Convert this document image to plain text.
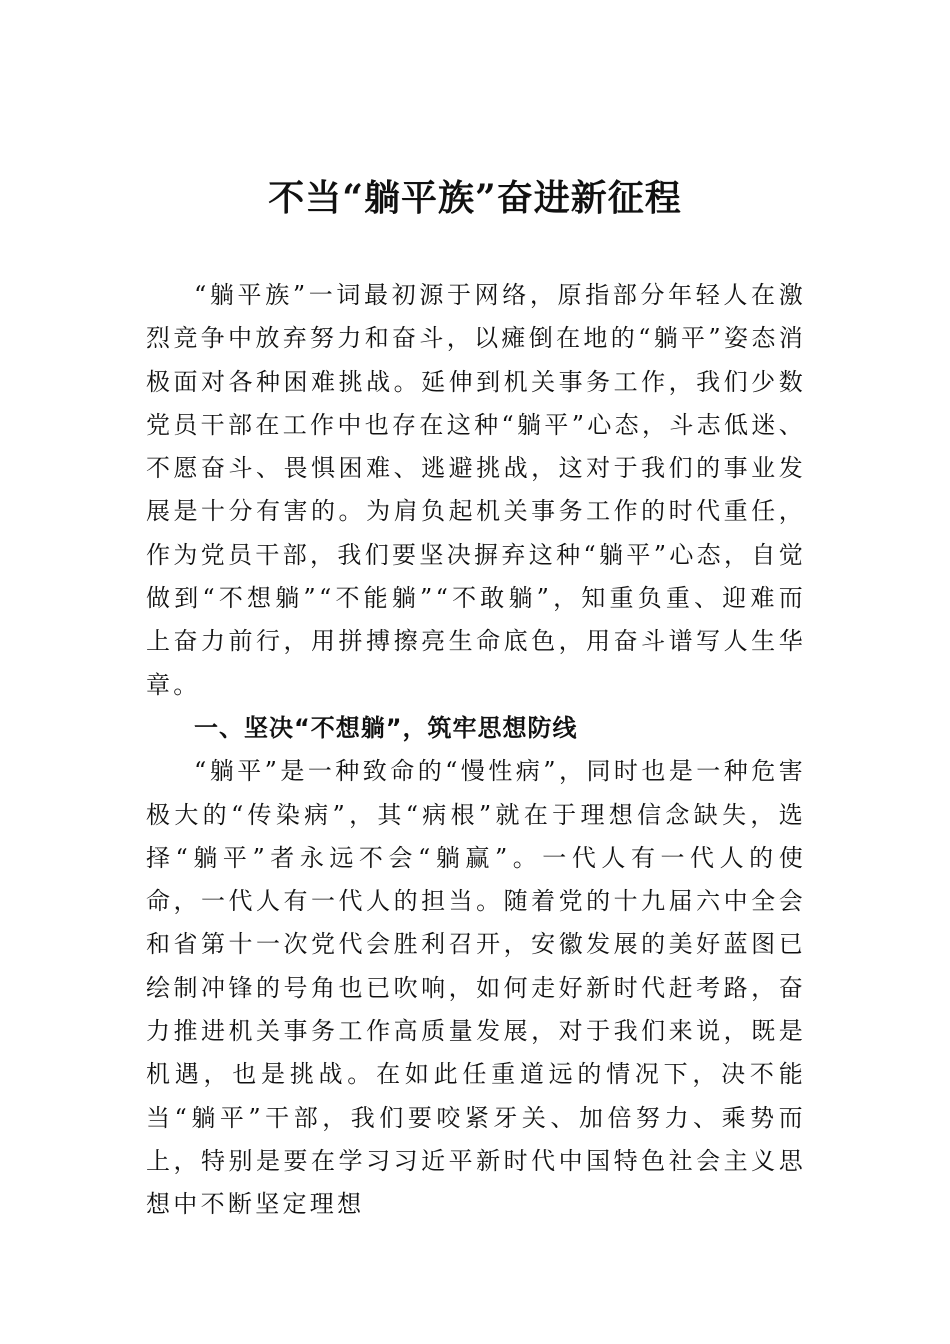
不当“躺平族”奋进新征程

“躺平族”一词最初源于网络，原指部分年轻人在激烈竞争中放弃努力和奋斗，以瘫倒在地的“躺平”姿态消极面对各种困难挑战。延伸到机关事务工作，我们少数党员干部在工作中也存在这种“躺平”心态，斗志低迷、不愿奋斗、畏惧困难、逃避挑战，这对于我们的事业发展是十分有害的。为肩负起机关事务工作的时代重任，作为党员干部，我们要坚决摒弃这种“躺平”心态，自觉做到“不想躺”“不能躺”“不敢躺”，知重负重、迎难而上奋力前行，用拼搏擦亮生命底色，用奋斗谱写人生华章。

一、坚决“不想躺”，筑牢思想防线

“躺平”是一种致命的“慢性病”，同时也是一种危害极大的“传染病”，其“病根”就在于理想信念缺失，选择“躺平”者永远不会“躺赢”。一代人有一代人的使命，一代人有一代人的担当。随着党的十九届六中全会和省第十一次党代会胜利召开，安徽发展的美好蓝图已绘制冲锋的号角也已吹响，如何走好新时代赶考路，奋力推进机关事务工作高质量发展，对于我们来说，既是机遇，也是挑战。在如此任重道远的情况下，决不能当“躺平”干部，我们要咬紧牙关、加倍努力、乘势而上，特别是要在学习习近平新时代中国特色社会主义思想中不断坚定理想
